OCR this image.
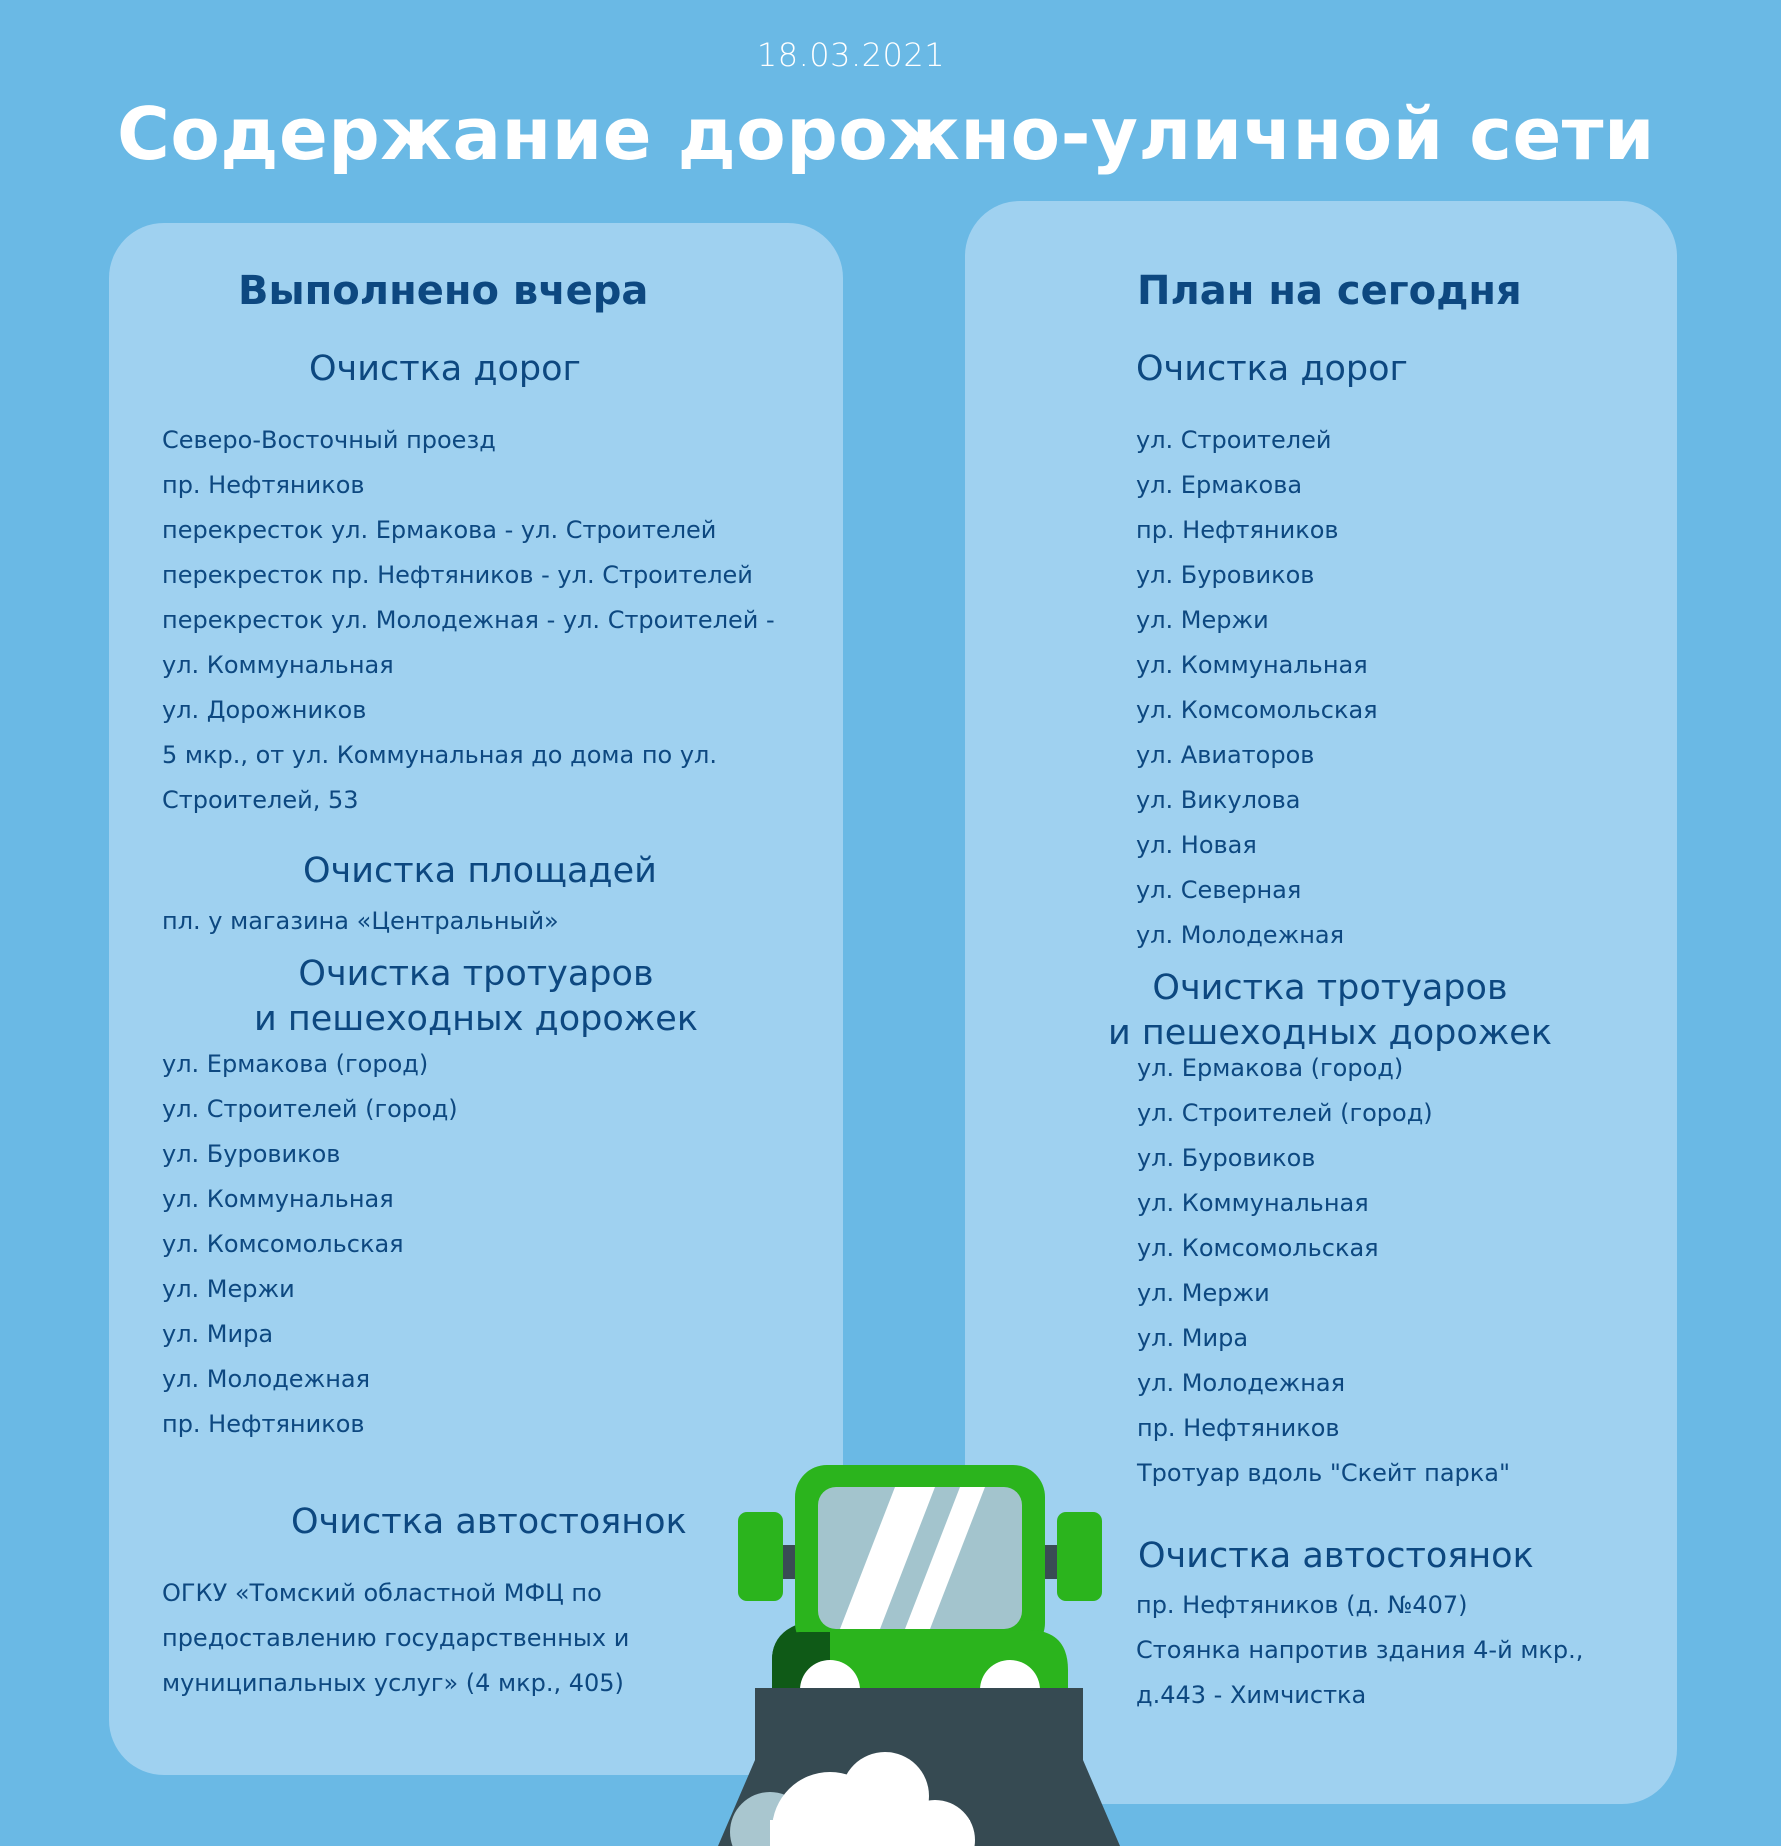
18.03.2021
Содержание дорожно-уличной сети
Выполнено вчера
Очистка дорог
Северо-Восточный проезд
пр. Нефтяников
перекресток ул. Ермакова - ул. Строителей
перекресток пр. Нефтяников - ул. Строителей
перекресток ул. Молодежная - ул. Строителей -
ул. Коммунальная
ул. Дорожников
5 мкр., от ул. Коммунальная до дома по ул.
Строителей, 53
Очистка площадей
пл. у магазина «Центральный»
Очистка тротуаров
и пешеходных дорожек
ул. Ермакова (город)
ул. Строителей (город)
ул. Буровиков
ул. Коммунальная
ул. Комсомольская
ул. Мержи
ул. Мира
ул. Молодежная
пр. Нефтяников
Очистка автостоянок
ОГКУ «Томский областной МФЦ по
предоставлению государственных и
муниципальных услуг» (4 мкр., 405)
План на сегодня
Очистка дорог
ул. Строителей
ул. Ермакова
пр. Нефтяников
ул. Буровиков
ул. Мержи
ул. Коммунальная
ул. Комсомольская
ул. Авиаторов
ул. Викулова
ул. Новая
ул. Северная
ул. Молодежная
Очистка тротуаров
и пешеходных дорожек
ул. Ермакова (город)
ул. Строителей (город)
ул. Буровиков
ул. Коммунальная
ул. Комсомольская
ул. Мержи
ул. Мира
ул. Молодежная
пр. Нефтяников
Тротуар вдоль "Скейт парка"
Очистка автостоянок
пр. Нефтяников (д. №407)
Стоянка напротив здания 4-й мкр.,
д.443 - Химчистка
